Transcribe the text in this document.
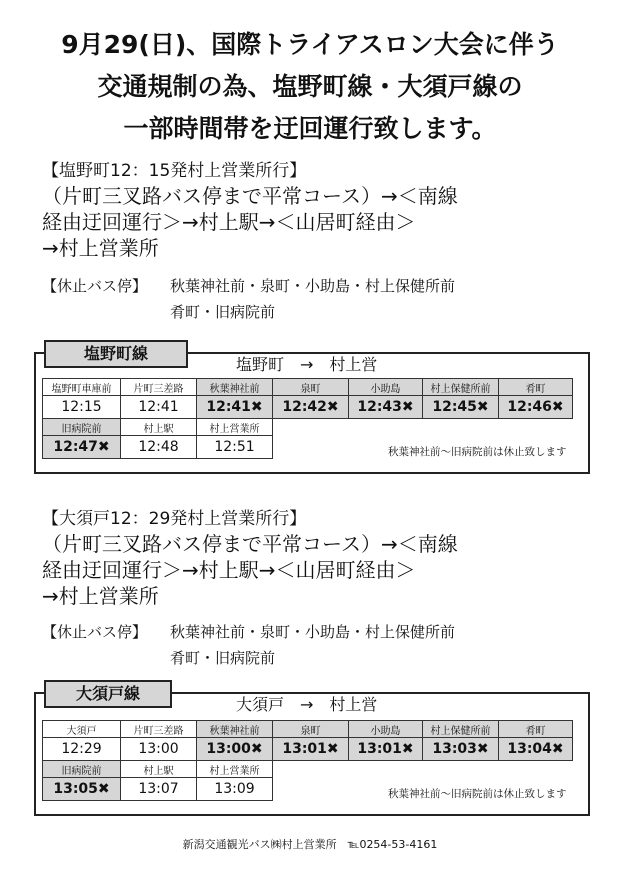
9月29(日)、国際トライアスロン大会に伴う
交通規制の為、塩野町線・大須戸線の
一部時間帯を迂回運行致します。
【塩野町12：15発村上営業所行】
（片町三叉路バス停まで平常コース）→＜南線
経由迂回運行＞→村上駅→＜山居町経由＞
→村上営業所
【休止バス停】 秋葉神社前・泉町・小助島・村上保健所前
肴町・旧病院前
塩野町線
塩野町　→　村上営
塩野町車庫前	片町三差路	秋葉神社前	泉町	小助島	村上保健所前	肴町
12:15	12:41	12:41✖	12:42✖	12:43✖	12:45✖	12:46✖
旧病院前	村上駅	村上営業所				
12:47✖	12:48	12:51	秋葉神社前～旧病院前は休止致します			
【大須戸12：29発村上営業所行】
（片町三叉路バス停まで平常コース）→＜南線
経由迂回運行＞→村上駅→＜山居町経由＞
→村上営業所
【休止バス停】 秋葉神社前・泉町・小助島・村上保健所前
肴町・旧病院前
大須戸線
大須戸　→　村上営
大須戸	片町三差路	秋葉神社前	泉町	小助島	村上保健所前	肴町
12:29	13:00	13:00✖	13:01✖	13:01✖	13:03✖	13:04✖
旧病院前	村上駅	村上営業所				
13:05✖	13:07	13:09	秋葉神社前～旧病院前は休止致します			
新潟交通観光バス㈱村上営業所　℡0254-53-4161
